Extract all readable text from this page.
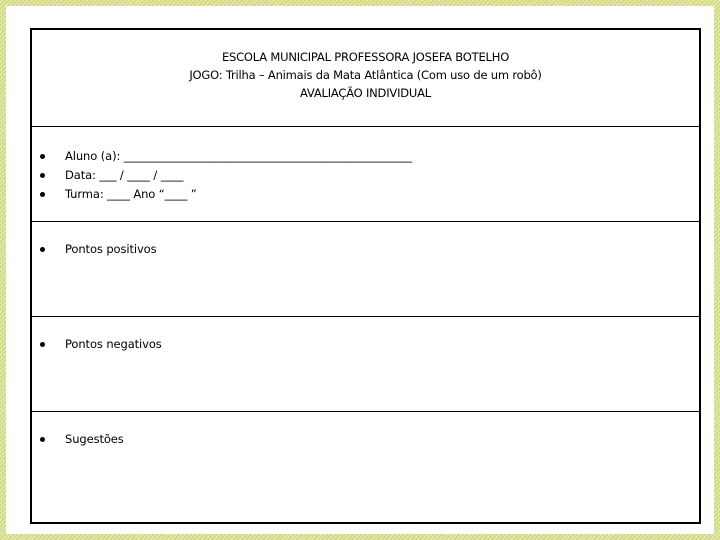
ESCOLA MUNICIPAL PROFESSORA JOSEFA BOTELHO
JOGO: Trilha – Animais da Mata Atlântica (Com uso de um robô)
AVALIAÇÃO INDIVIDUAL
Aluno (a): ___________________________________________________
Data: ___ / ____ / ____
Turma: ____ Ano “____ ”
Pontos positivos
Pontos negativos
Sugestões
